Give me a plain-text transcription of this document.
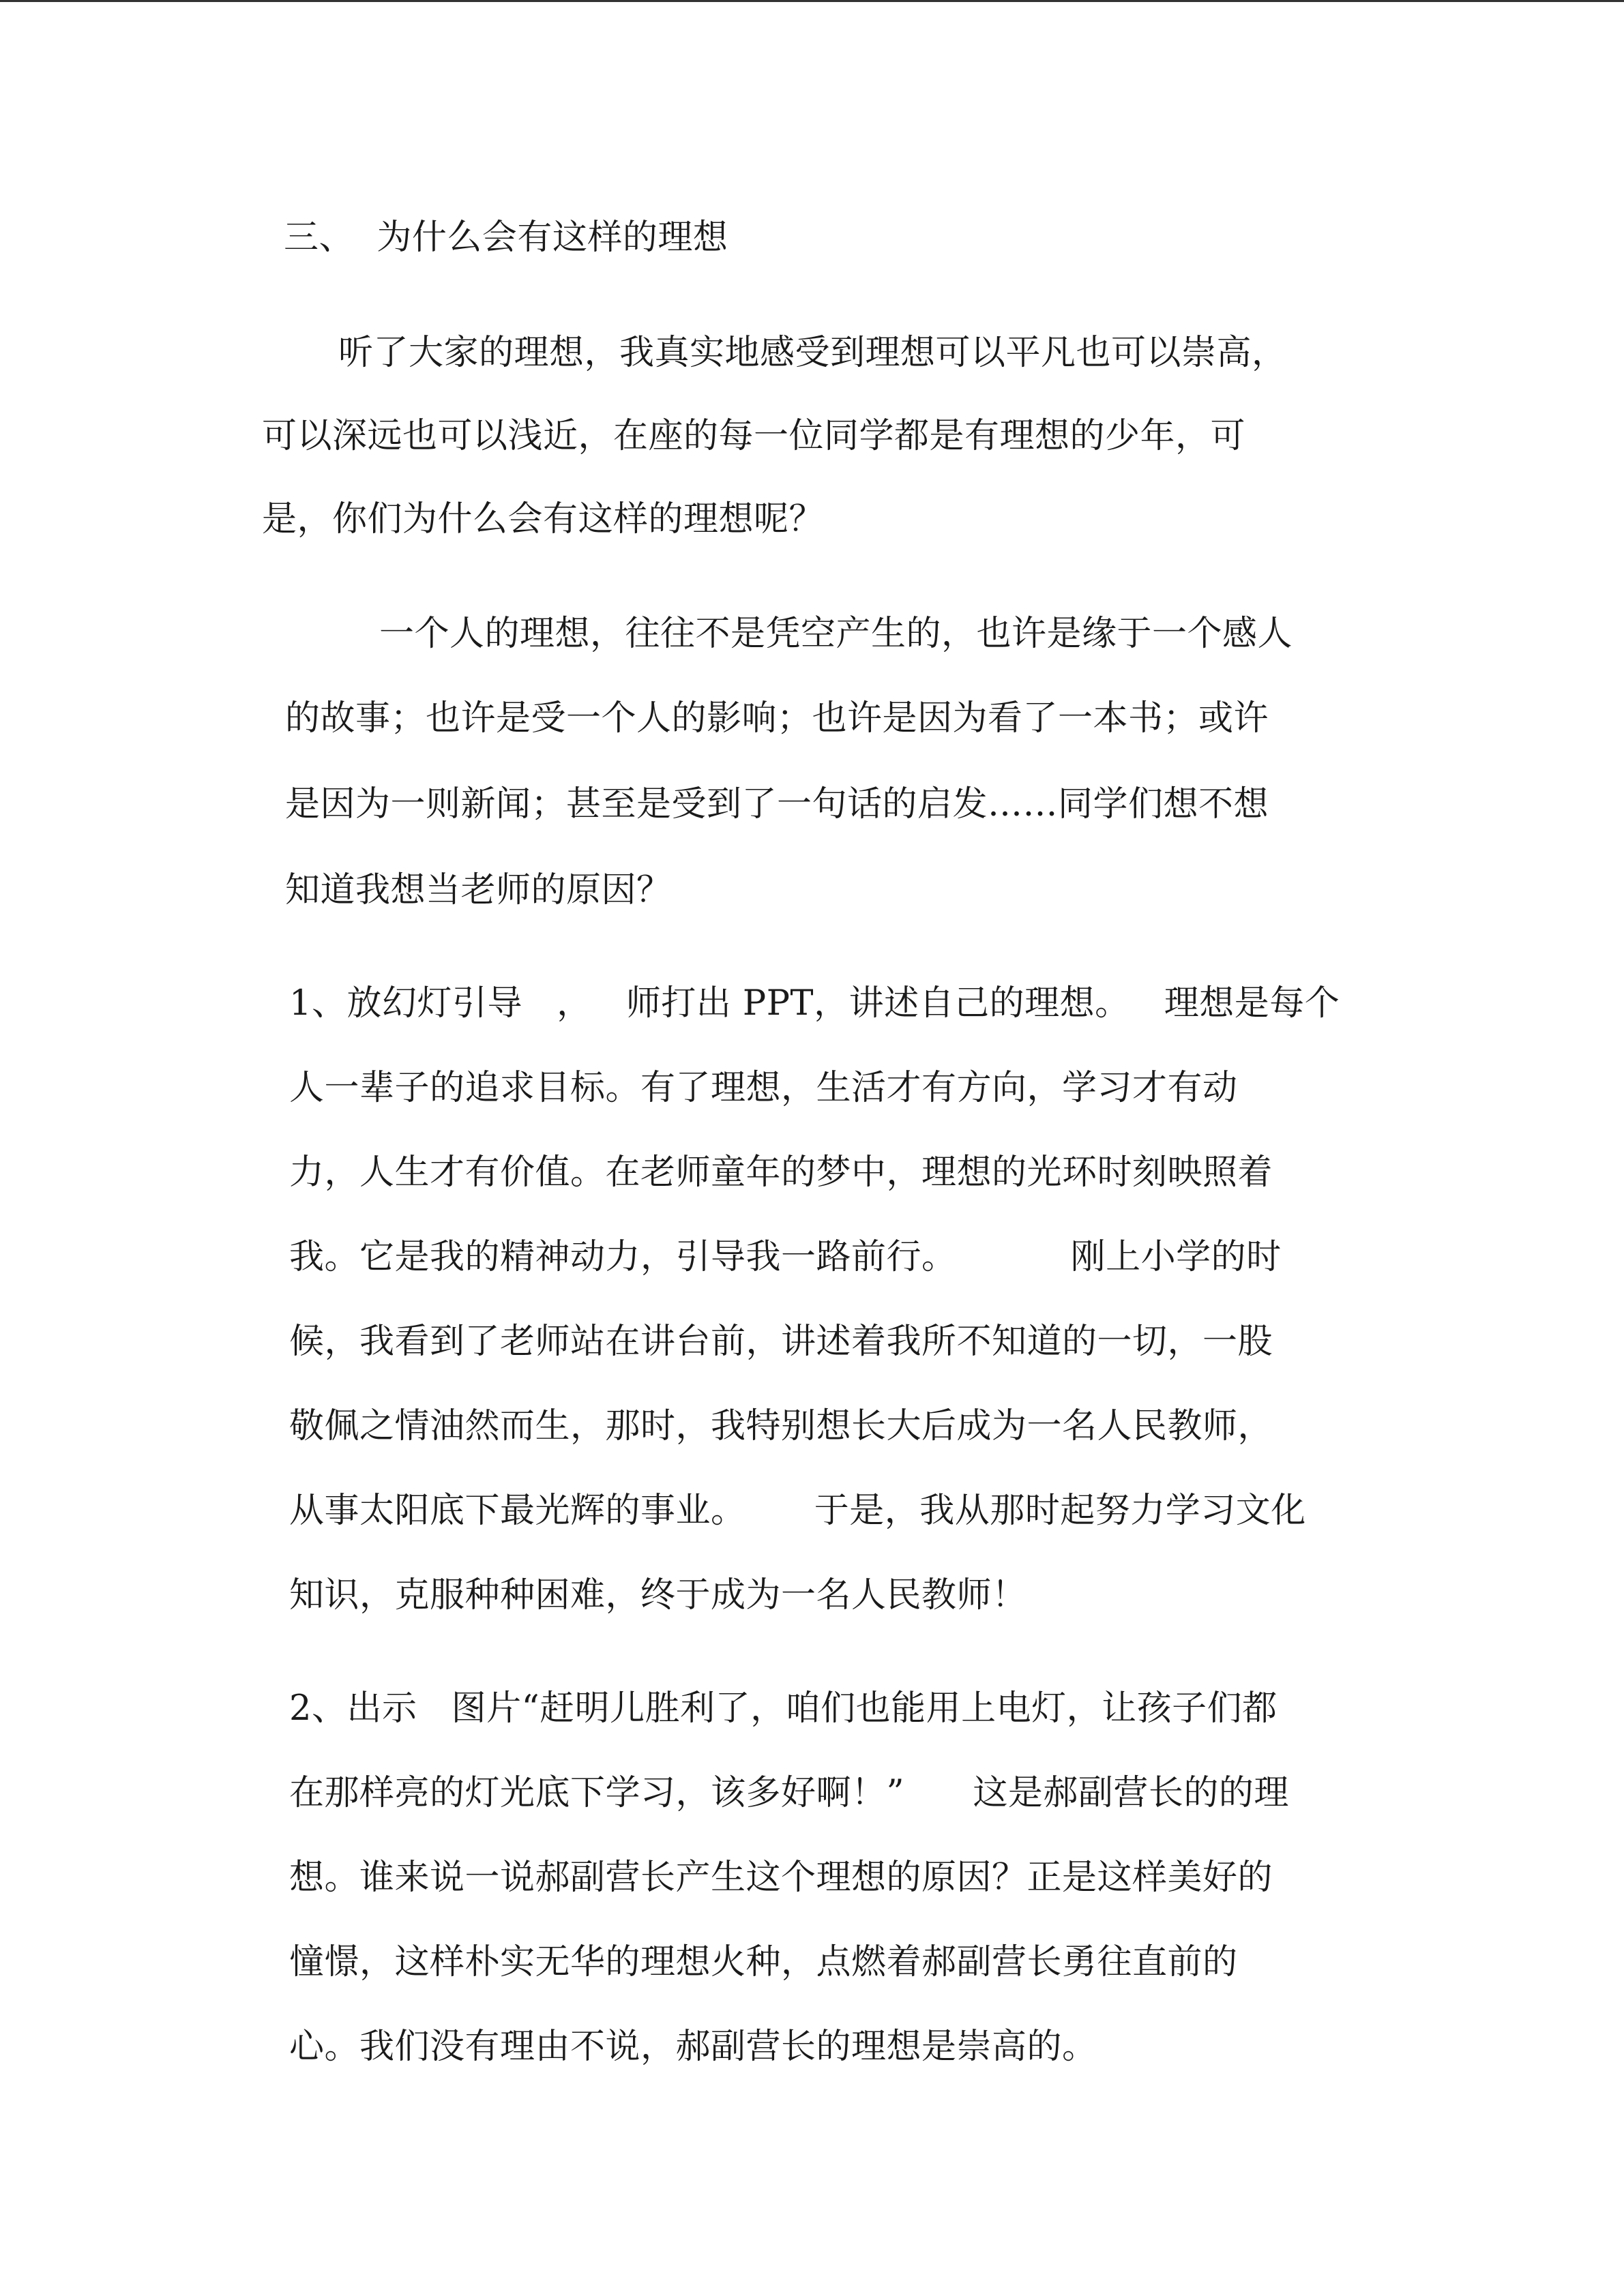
三、  为什么会有这样的理想
听了大家的理想，我真实地感受到理想可以平凡也可以崇高，
可以深远也可以浅近，在座的每一位同学都是有理想的少年，可
是，你们为什么会有这样的理想呢？
一个人的理想，往往不是凭空产生的，也许是缘于一个感人
的故事；也许是受一个人的影响；也许是因为看了一本书；或许
是因为一则新闻；甚至是受到了一句话的启发……同学们想不想
知道我想当老师的原因？
1、放幻灯引导   ，   师打出 PPT，讲述自己的理想。   理想是每个
人一辈子的追求目标。有了理想，生活才有方向，学习才有动
力，人生才有价值。在老师童年的梦中，理想的光环时刻映照着
我。它是我的精神动力，引导我一路前行。          刚上小学的时
候，我看到了老师站在讲台前，讲述着我所不知道的一切，一股
敬佩之情油然而生，那时，我特别想长大后成为一名人民教师，
从事太阳底下最光辉的事业。      于是，我从那时起努力学习文化
知识，克服种种困难，终于成为一名人民教师！
2、出示   图片“赶明儿胜利了，咱们也能用上电灯，让孩子们都
在那样亮的灯光底下学习，该多好啊！”      这是郝副营长的的理
想。谁来说一说郝副营长产生这个理想的原因？正是这样美好的
憧憬，这样朴实无华的理想火种，点燃着郝副营长勇往直前的
心。我们没有理由不说，郝副营长的理想是崇高的。
